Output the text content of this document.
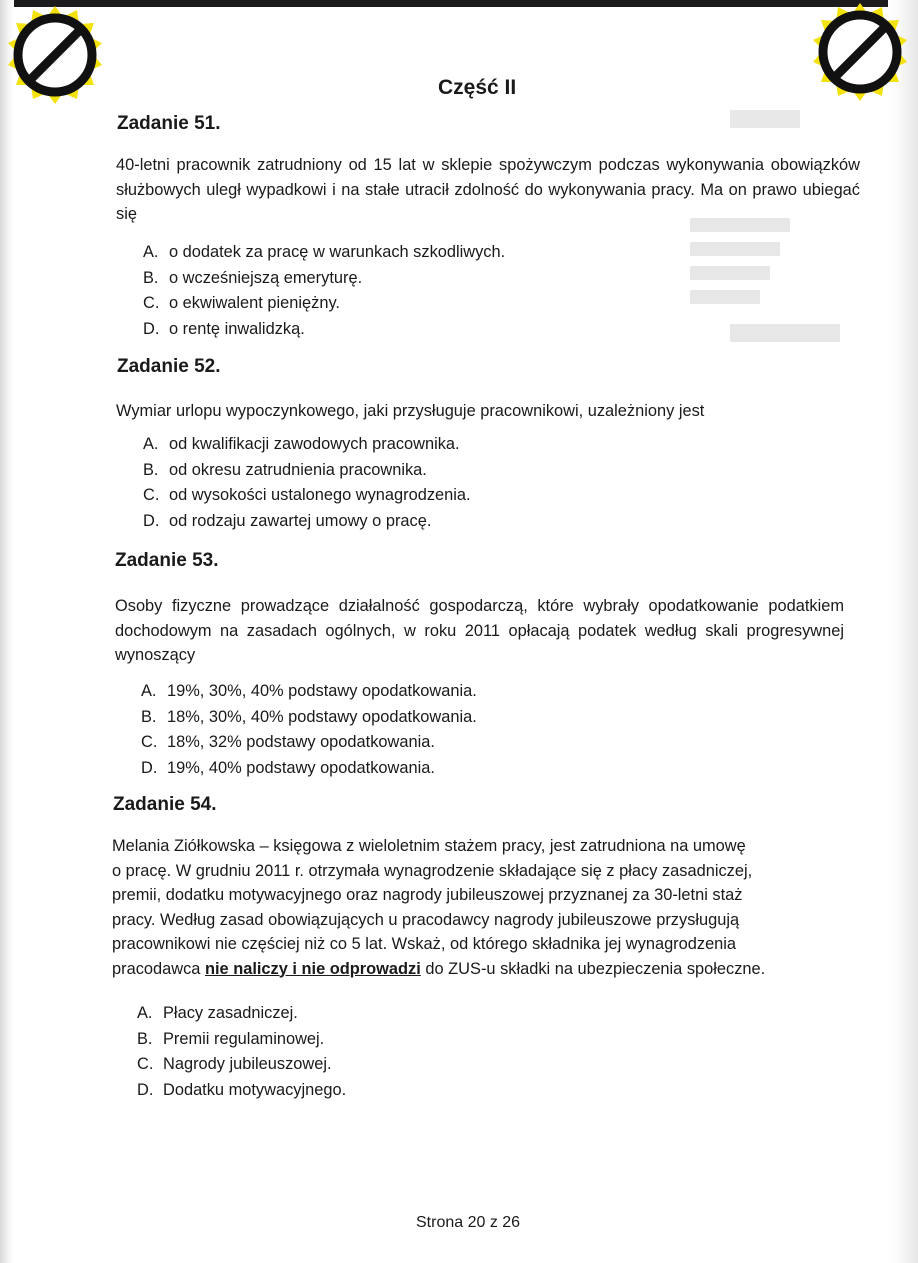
Część II
Zadanie 51.
40-letni pracownik zatrudniony od 15 lat w sklepie spożywczym podczas wykonywania obowiązków służbowych uległ wypadkowi i na stałe utracił zdolność do wykonywania pracy. Ma on prawo ubiegać się
A. o dodatek za pracę w warunkach szkodliwych.
B. o wcześniejszą emeryturę.
C. o ekwiwalent pieniężny.
D. o rentę inwalidzką.
Zadanie 52.
Wymiar urlopu wypoczynkowego, jaki przysługuje pracownikowi, uzależniony jest
A. od kwalifikacji zawodowych pracownika.
B. od okresu zatrudnienia pracownika.
C. od wysokości ustalonego wynagrodzenia.
D. od rodzaju zawartej umowy o pracę.
Zadanie 53.
Osoby fizyczne prowadzące działalność gospodarczą, które wybrały opodatkowanie podatkiem dochodowym na zasadach ogólnych, w roku 2011 opłacają podatek według skali progresywnej wynoszący
A. 19%, 30%, 40% podstawy opodatkowania.
B. 18%, 30%, 40% podstawy opodatkowania.
C. 18%, 32% podstawy opodatkowania.
D. 19%, 40% podstawy opodatkowania.
Zadanie 54.
Melania Ziółkowska – księgowa z wieloletnim stażem pracy, jest zatrudniona na umowę
o pracę. W grudniu 2011 r. otrzymała wynagrodzenie składające się z płacy zasadniczej,
premii, dodatku motywacyjnego oraz nagrody jubileuszowej przyznanej za 30-letni staż
pracy. Według zasad obowiązujących u pracodawcy nagrody jubileuszowe przysługują
pracownikowi nie częściej niż co 5 lat. Wskaż, od którego składnika jej wynagrodzenia
pracodawca nie naliczy i nie odprowadzi do ZUS-u składki na ubezpieczenia społeczne.
A. Płacy zasadniczej.
B. Premii regulaminowej.
C. Nagrody jubileuszowej.
D. Dodatku motywacyjnego.
Strona 20 z 26
